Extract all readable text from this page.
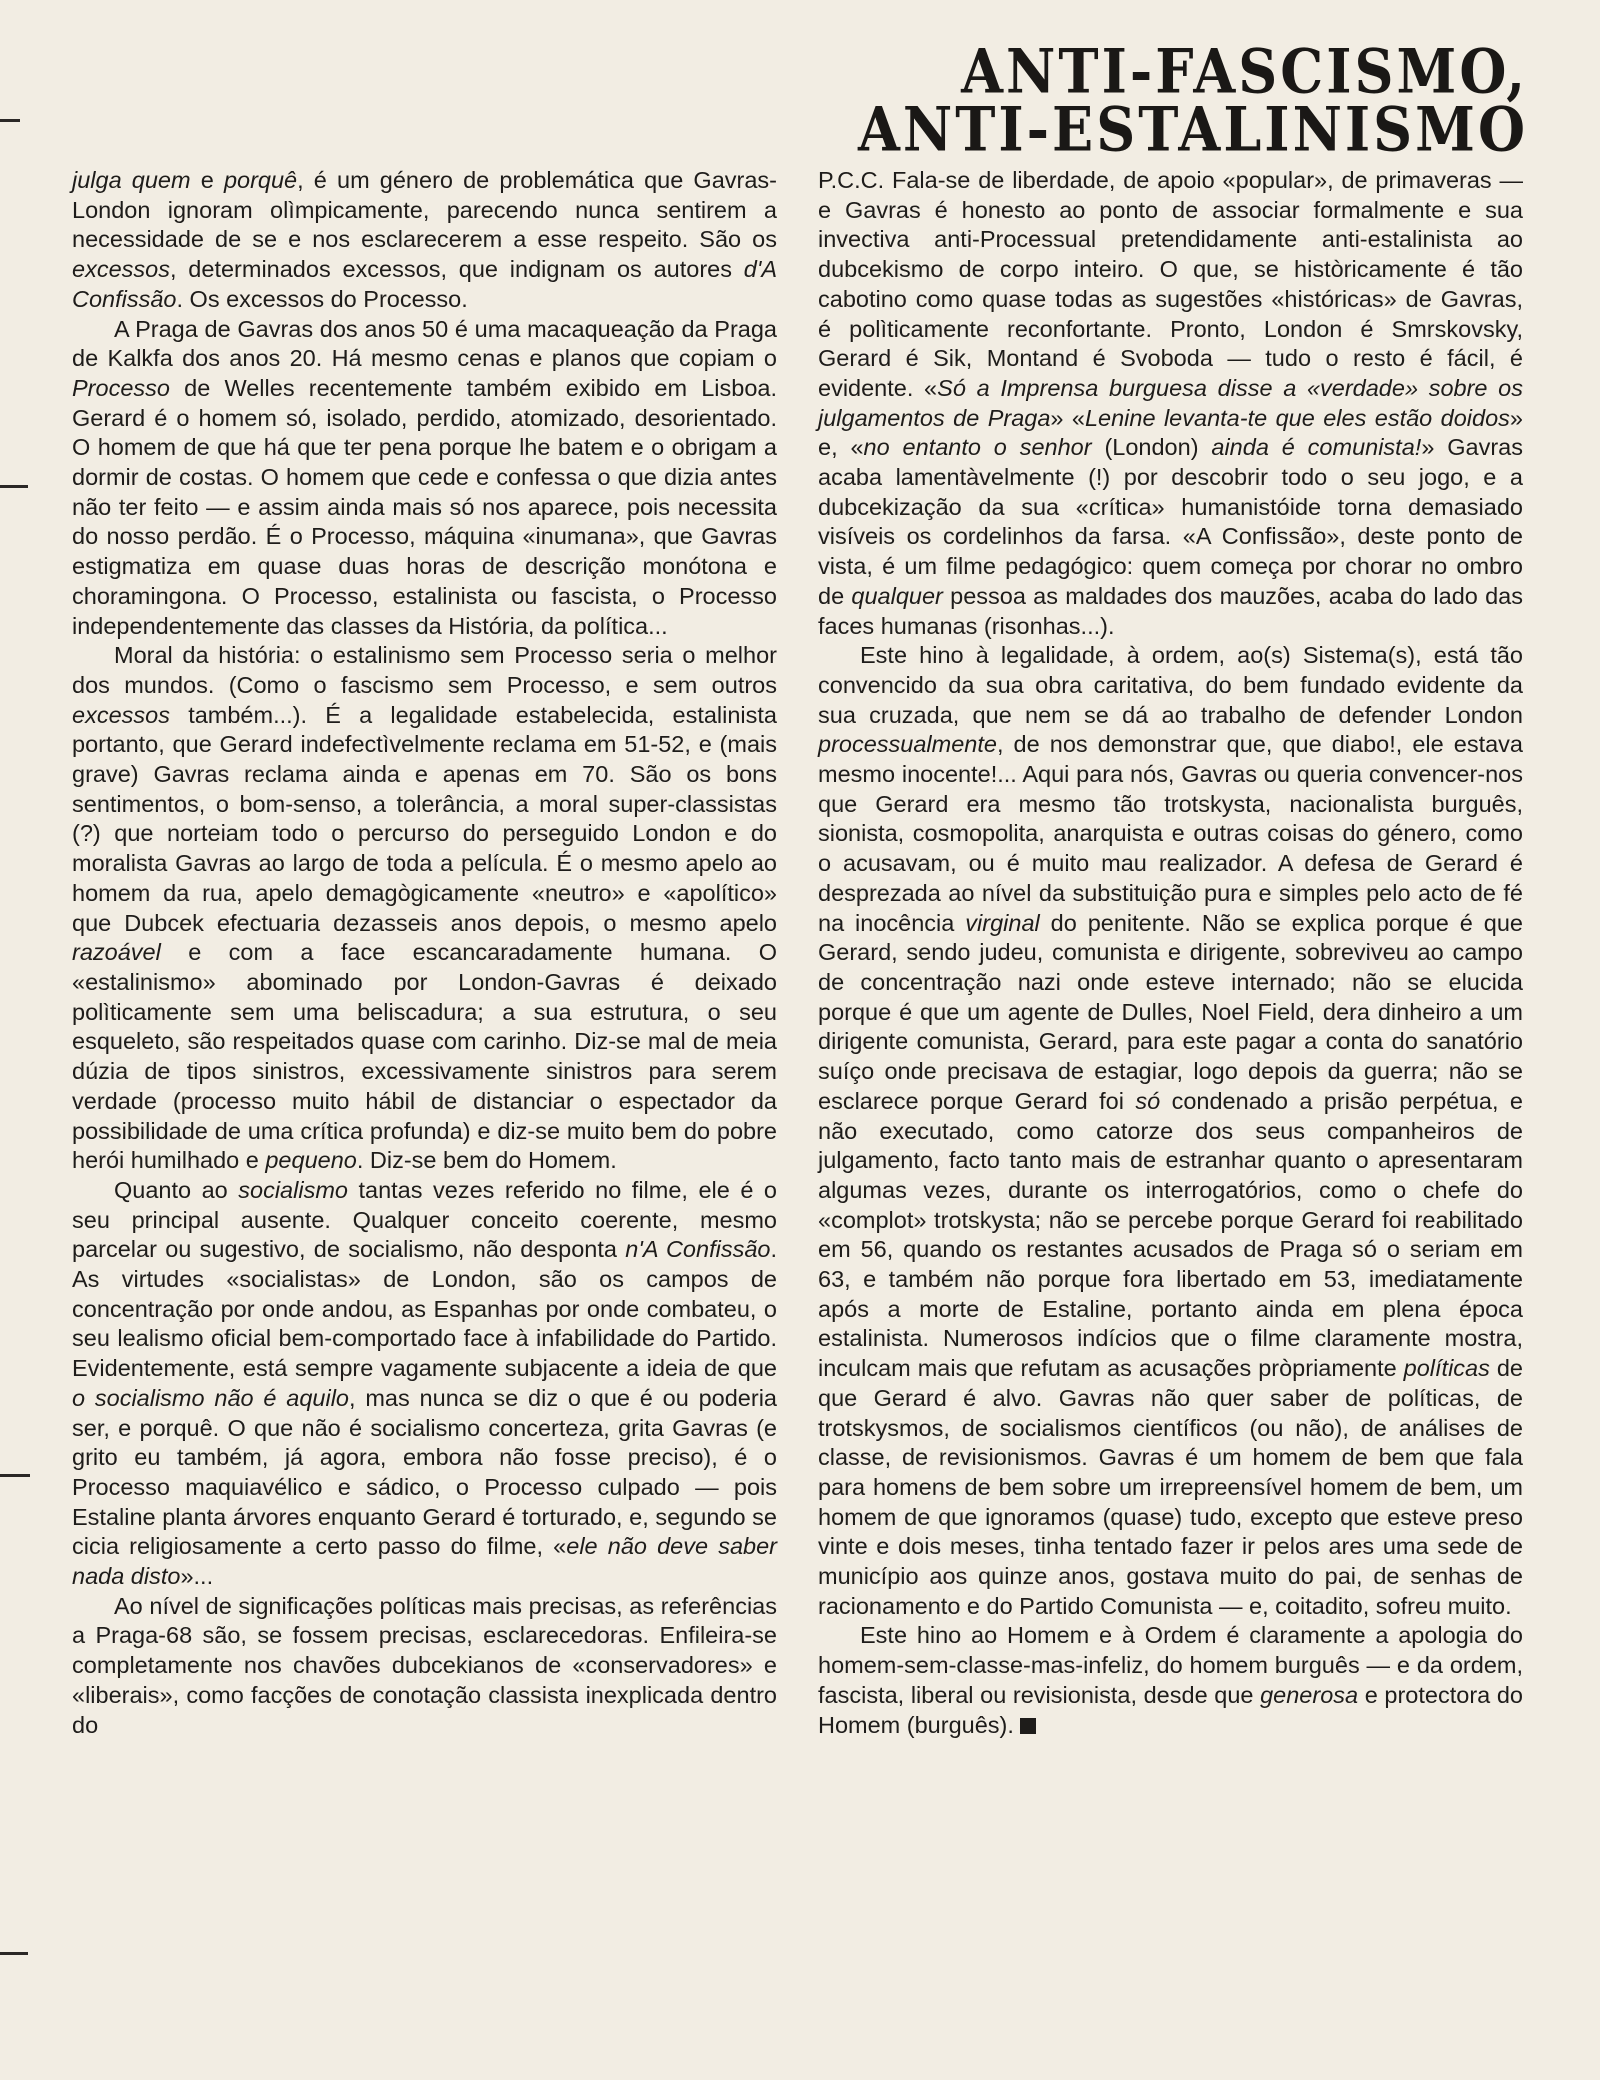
ANTI-FASCISMO,
ANTI-ESTALINISMO

julga quem e porquê, é um género de problemática que Gavras-London ignoram olìmpicamente, parecendo nunca sentirem a necessidade de se e nos esclarecerem a esse respeito. São os excessos, determinados excessos, que indignam os autores d'A Confissão. Os excessos do Processo.

A Praga de Gavras dos anos 50 é uma macaqueação da Praga de Kalkfa dos anos 20. Há mesmo cenas e planos que copiam o Processo de Welles recentemente também exibido em Lisboa. Gerard é o homem só, isolado, perdido, atomizado, desorientado. O homem de que há que ter pena porque lhe batem e o obrigam a dormir de costas. O homem que cede e confessa o que dizia antes não ter feito — e assim ainda mais só nos aparece, pois necessita do nosso perdão. É o Processo, máquina «inumana», que Gavras estigmatiza em quase duas horas de descrição monótona e choramingona. O Processo, estalinista ou fascista, o Processo independentemente das classes da História, da política...

Moral da história: o estalinismo sem Processo seria o melhor dos mundos. (Como o fascismo sem Processo, e sem outros excessos também...). É a legalidade estabelecida, estalinista portanto, que Gerard indefectìvelmente reclama em 51-52, e (mais grave) Gavras reclama ainda e apenas em 70. São os bons sentimentos, o bom-senso, a tolerância, a moral super-classistas (?) que norteiam todo o percurso do perseguido London e do moralista Gavras ao largo de toda a película. É o mesmo apelo ao homem da rua, apelo demagògicamente «neutro» e «apolítico» que Dubcek efectuaria dezasseis anos depois, o mesmo apelo razoável e com a face escancaradamente humana. O «estalinismo» abominado por London-Gavras é deixado polìticamente sem uma beliscadura; a sua estrutura, o seu esqueleto, são respeitados quase com carinho. Diz-se mal de meia dúzia de tipos sinistros, excessivamente sinistros para serem verdade (processo muito hábil de distanciar o espectador da possibilidade de uma crítica profunda) e diz-se muito bem do pobre herói humilhado e pequeno. Diz-se bem do Homem.

Quanto ao socialismo tantas vezes referido no filme, ele é o seu principal ausente. Qualquer conceito coerente, mesmo parcelar ou sugestivo, de socialismo, não desponta n'A Confissão. As virtudes «socialistas» de London, são os campos de concentração por onde andou, as Espanhas por onde combateu, o seu lealismo oficial bem-comportado face à infabilidade do Partido. Evidentemente, está sempre vagamente subjacente a ideia de que o socialismo não é aquilo, mas nunca se diz o que é ou poderia ser, e porquê. O que não é socialismo concerteza, grita Gavras (e grito eu também, já agora, embora não fosse preciso), é o Processo maquiavélico e sádico, o Processo culpado — pois Estaline planta árvores enquanto Gerard é torturado, e, segundo se cicia religiosamente a certo passo do filme, «ele não deve saber nada disto»...

Ao nível de significações políticas mais precisas, as referências a Praga-68 são, se fossem precisas, esclarecedoras. Enfileira-se completamente nos chavões dubcekianos de «conservadores» e «liberais», como facções de conotação classista inexplicada dentro do

P.C.C. Fala-se de liberdade, de apoio «popular», de primaveras — e Gavras é honesto ao ponto de associar formalmente e sua invectiva anti-Processual pretendidamente anti-estalinista ao dubcekismo de corpo inteiro. O que, se històricamente é tão cabotino como quase todas as sugestões «históricas» de Gavras, é polìticamente reconfortante. Pronto, London é Smrskovsky, Gerard é Sik, Montand é Svoboda — tudo o resto é fácil, é evidente. «Só a Imprensa burguesa disse a «verdade» sobre os julgamentos de Praga» «Lenine levanta-te que eles estão doidos» e, «no entanto o senhor (London) ainda é comunista!» Gavras acaba lamentàvelmente (!) por descobrir todo o seu jogo, e a dubcekização da sua «crítica» humanistóide torna demasiado visíveis os cordelinhos da farsa. «A Confissão», deste ponto de vista, é um filme pedagógico: quem começa por chorar no ombro de qualquer pessoa as maldades dos mauzões, acaba do lado das faces humanas (risonhas...).

Este hino à legalidade, à ordem, ao(s) Sistema(s), está tão convencido da sua obra caritativa, do bem fundado evidente da sua cruzada, que nem se dá ao trabalho de defender London processualmente, de nos demonstrar que, que diabo!, ele estava mesmo inocente!... Aqui para nós, Gavras ou queria convencer-nos que Gerard era mesmo tão trotskysta, nacionalista burguês, sionista, cosmopolita, anarquista e outras coisas do género, como o acusavam, ou é muito mau realizador. A defesa de Gerard é desprezada ao nível da substituição pura e simples pelo acto de fé na inocência virginal do penitente. Não se explica porque é que Gerard, sendo judeu, comunista e dirigente, sobreviveu ao campo de concentração nazi onde esteve internado; não se elucida porque é que um agente de Dulles, Noel Field, dera dinheiro a um dirigente comunista, Gerard, para este pagar a conta do sanatório suíço onde precisava de estagiar, logo depois da guerra; não se esclarece porque Gerard foi só condenado a prisão perpétua, e não executado, como catorze dos seus companheiros de julgamento, facto tanto mais de estranhar quanto o apresentaram algumas vezes, durante os interrogatórios, como o chefe do «complot» trotskysta; não se percebe porque Gerard foi reabilitado em 56, quando os restantes acusados de Praga só o seriam em 63, e também não porque fora libertado em 53, imediatamente após a morte de Estaline, portanto ainda em plena época estalinista. Numerosos indícios que o filme claramente mostra, inculcam mais que refutam as acusações pròpriamente políticas de que Gerard é alvo. Gavras não quer saber de políticas, de trotskysmos, de socialismos científicos (ou não), de análises de classe, de revisionismos. Gavras é um homem de bem que fala para homens de bem sobre um irrepreensível homem de bem, um homem de que ignoramos (quase) tudo, excepto que esteve preso vinte e dois meses, tinha tentado fazer ir pelos ares uma sede de município aos quinze anos, gostava muito do pai, de senhas de racionamento e do Partido Comunista — e, coitadito, sofreu muito.

Este hino ao Homem e à Ordem é claramente a apologia do homem-sem-classe-mas-infeliz, do homem burguês — e da ordem, fascista, liberal ou revisionista, desde que generosa e protectora do Homem (burguês).
